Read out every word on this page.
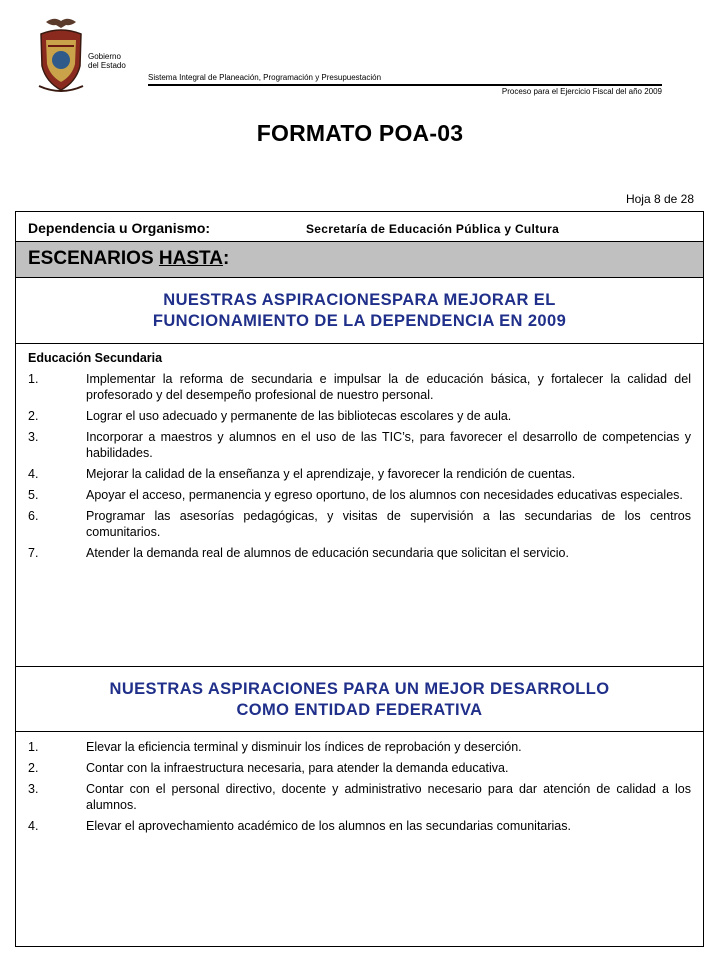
Gobierno
del Estado
Sistema Integral de Planeación, Programación y Presupuestación
Proceso para el Ejercicio Fiscal del año 2009
FORMATO POA-03
Hoja 8 de 28
Dependencia u Organismo:	Secretaría de Educación Pública y Cultura
ESCENARIOS HASTA:
NUESTRAS ASPIRACIONESPARA MEJORAR EL
FUNCIONAMIENTO DE LA DEPENDENCIA EN 2009
Educación Secundaria
1.	Implementar la reforma de secundaria e impulsar la de educación básica, y fortalecer la calidad del profesorado y del desempeño profesional de nuestro personal.
2.	Lograr el uso adecuado y permanente de las bibliotecas escolares y de aula.
3.	Incorporar a maestros y alumnos en el uso de las TIC’s, para favorecer el desarrollo de competencias y habilidades.
4.	Mejorar la calidad de la enseñanza y el aprendizaje, y favorecer la rendición de cuentas.
5.	Apoyar el acceso, permanencia y egreso oportuno, de los alumnos con necesidades educativas especiales.
6.	Programar las asesorías pedagógicas, y visitas de supervisión a las secundarias de los centros comunitarios.
7.	Atender la demanda real de alumnos de educación secundaria que solicitan el servicio.
NUESTRAS ASPIRACIONES PARA UN MEJOR DESARROLLO
COMO ENTIDAD FEDERATIVA
1.	Elevar la eficiencia terminal y disminuir los índices de reprobación y deserción.
2.	Contar con la infraestructura necesaria, para atender la demanda educativa.
3.	Contar con el personal directivo, docente y administrativo necesario para dar atención de calidad a los alumnos.
4.	Elevar el aprovechamiento académico de los alumnos en las secundarias comunitarias.
